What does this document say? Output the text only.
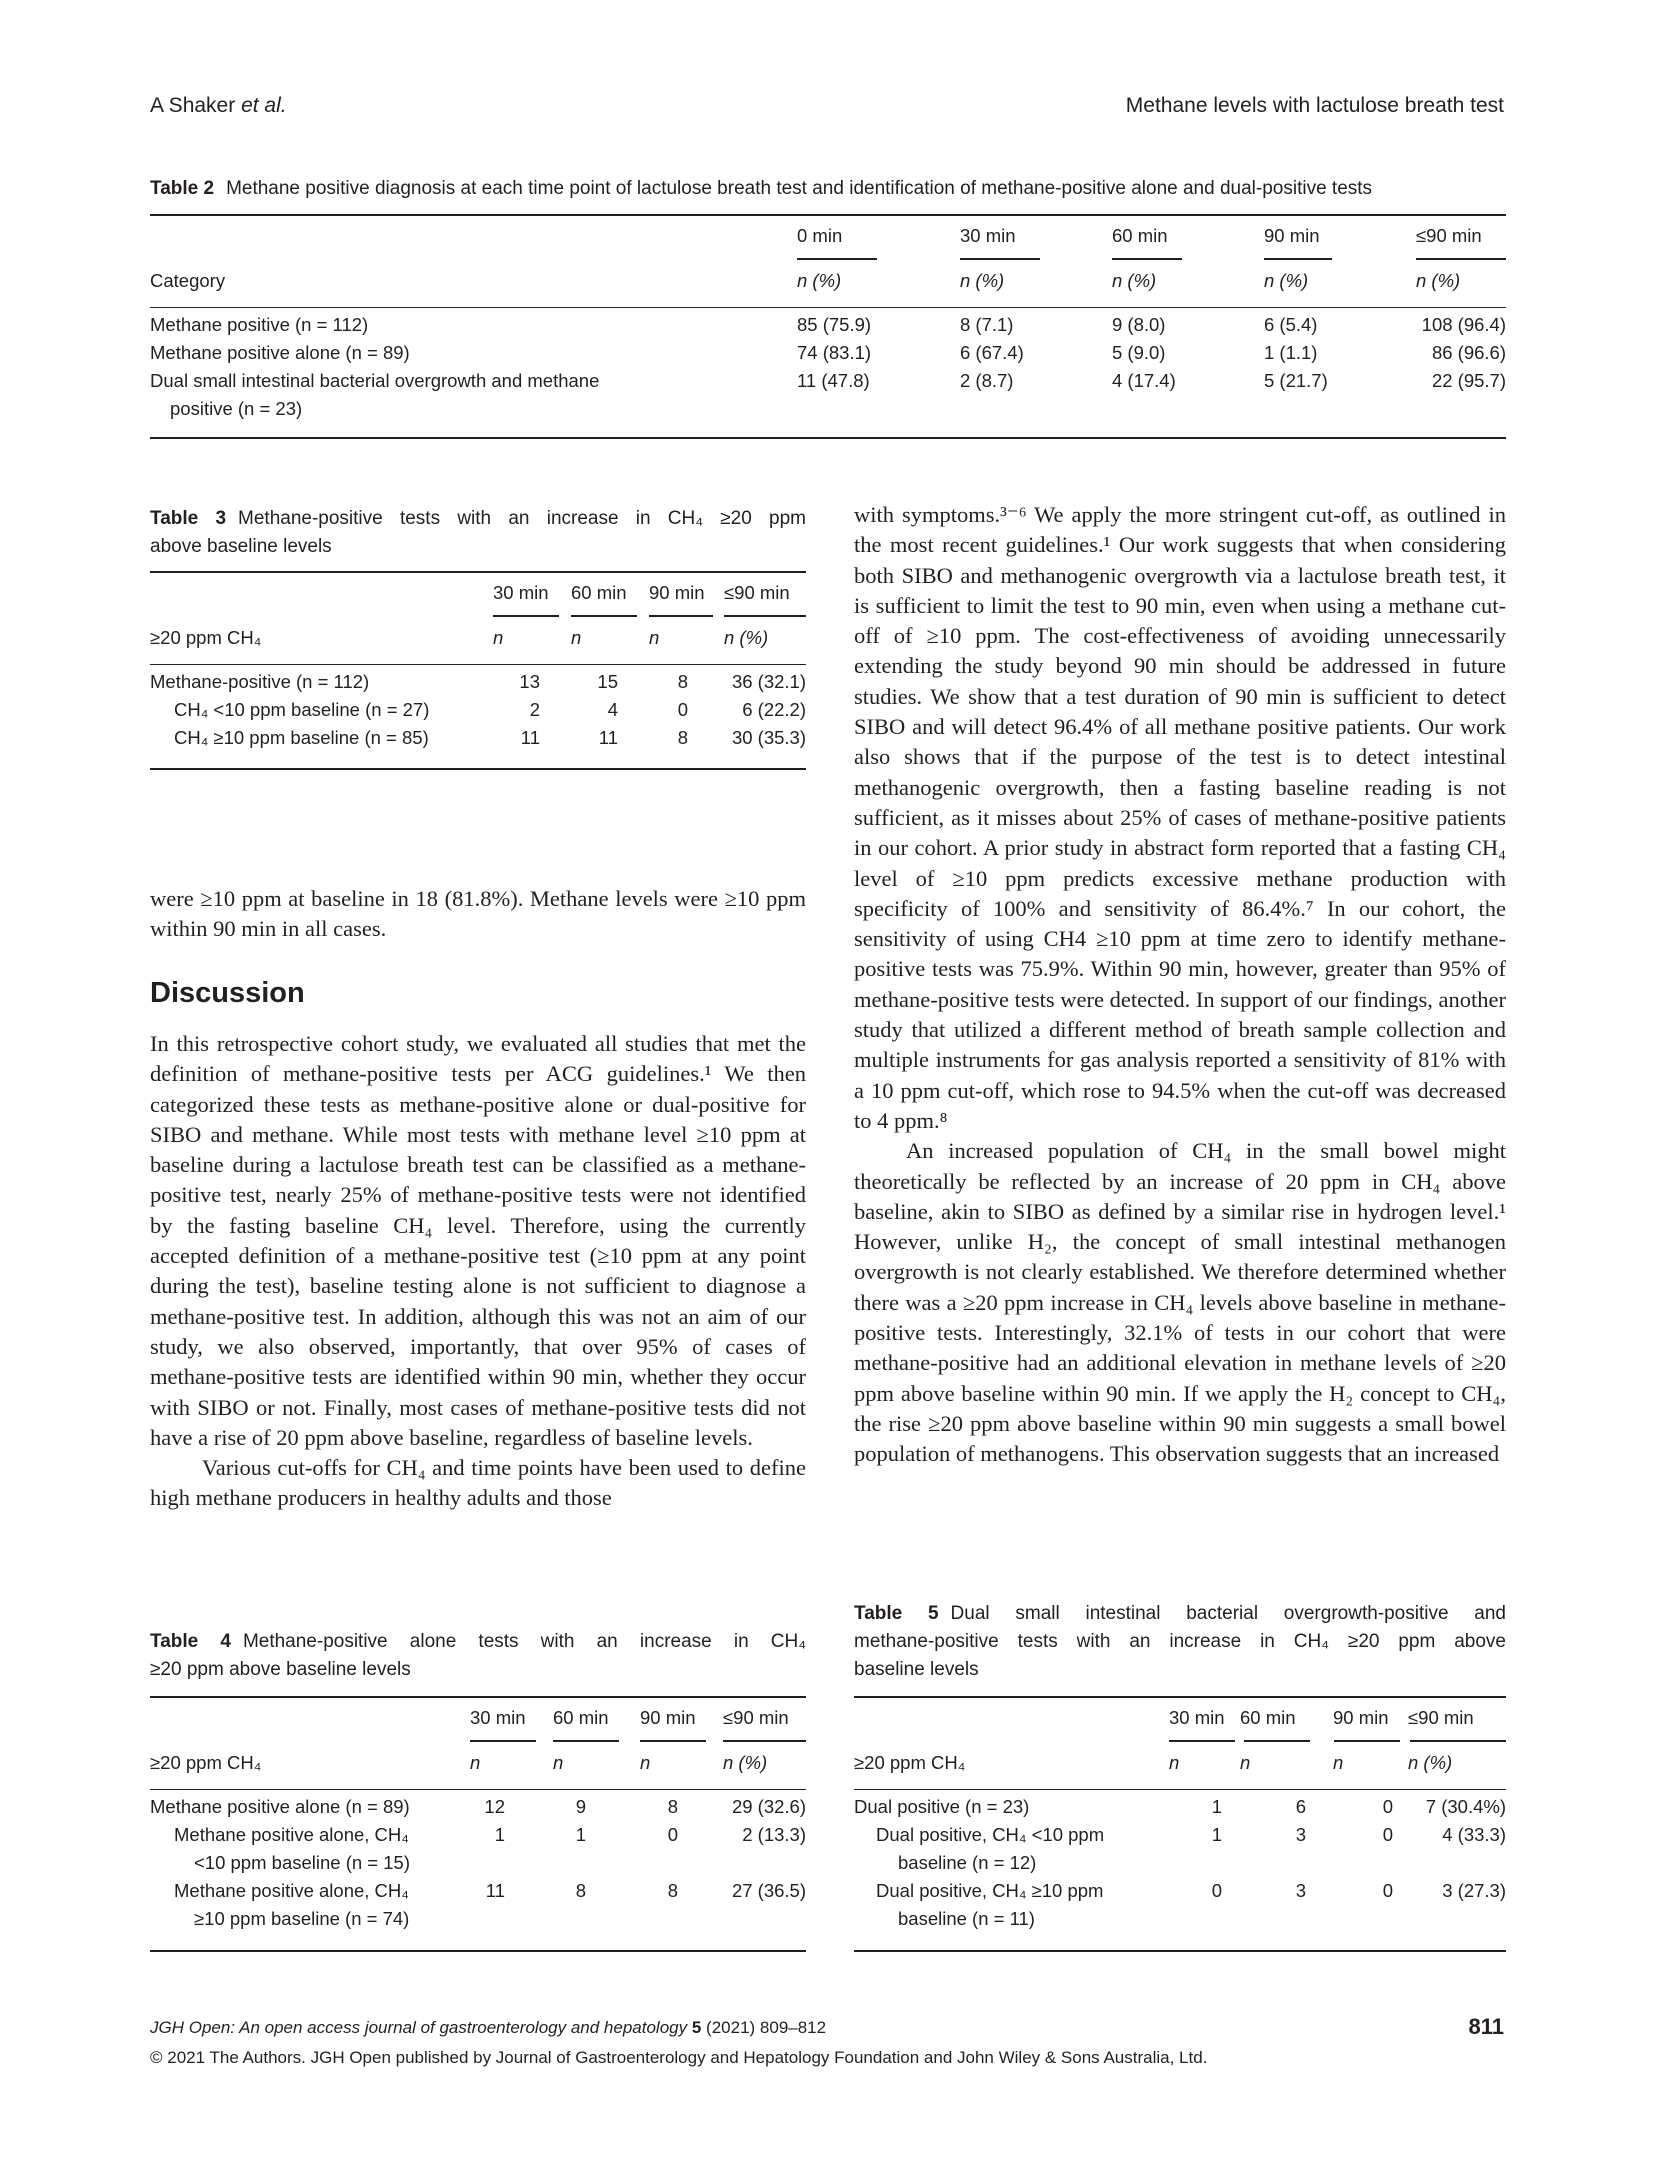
A Shaker et al.	Methane levels with lactulose breath test
Table 2 Methane positive diagnosis at each time point of lactulose breath test and identification of methane-positive alone and dual-positive tests
	0 min	30 min	60 min	90 min	≤90 min
Category	n (%)	n (%)	n (%)	n (%)	n (%)
Methane positive (n = 112)	85 (75.9)	8 (7.1)	9 (8.0)	6 (5.4)	108 (96.4)
Methane positive alone (n = 89)	74 (83.1)	6 (67.4)	5 (9.0)	1 (1.1)	86 (96.6)

Dual small intestinal bacterial overgrowth and methane
positive (n = 23)	11 (47.8)	2 (8.7)	4 (17.4)	5 (21.7)	22 (95.7)
Table 3 Methane-positive tests with an increase in CH₄ ≥20 ppm
above baseline levels
	30 min	60 min	90 min	≤90 min
≥20 ppm CH₄	n	n	n	n (%)
Methane-positive (n = 112)	13	15	8	36 (32.1)
CH₄ <10 ppm baseline (n = 27)	2	4	0	6 (22.2)
CH₄ ≥10 ppm baseline (n = 85)	11	11	8	30 (35.3)

were ≥10 ppm at baseline in 18 (81.8%). Methane levels were ≥10 ppm within 90 min in all cases.

Discussion

In this retrospective cohort study, we evaluated all studies that met the definition of methane-positive tests per ACG guidelines.¹ We then categorized these tests as methane-positive alone or dual-positive for SIBO and methane. While most tests with methane level ≥10 ppm at baseline during a lactulose breath test can be classified as a methane-positive test, nearly 25% of methane-positive tests were not identified by the fasting baseline CH₄ level. Therefore, using the currently accepted definition of a methane-positive test (≥10 ppm at any point during the test), baseline testing alone is not sufficient to diagnose a methane-positive test. In addition, although this was not an aim of our study, we also observed, importantly, that over 95% of cases of methane-positive tests are identified within 90 min, whether they occur with SIBO or not. Finally, most cases of methane-positive tests did not have a rise of 20 ppm above baseline, regardless of baseline levels.

Various cut-offs for CH₄ and time points have been used to define high methane producers in healthy adults and those

with symptoms.³⁻⁶ We apply the more stringent cut-off, as outlined in the most recent guidelines.¹ Our work suggests that when considering both SIBO and methanogenic overgrowth via a lactulose breath test, it is sufficient to limit the test to 90 min, even when using a methane cut-off of ≥10 ppm. The cost-effectiveness of avoiding unnecessarily extending the study beyond 90 min should be addressed in future studies. We show that a test duration of 90 min is sufficient to detect SIBO and will detect 96.4% of all methane positive patients. Our work also shows that if the purpose of the test is to detect intestinal methanogenic overgrowth, then a fasting baseline reading is not sufficient, as it misses about 25% of cases of methane-positive patients in our cohort. A prior study in abstract form reported that a fasting CH₄ level of ≥10 ppm predicts excessive methane production with specificity of 100% and sensitivity of 86.4%.⁷ In our cohort, the sensitivity of using CH4 ≥10 ppm at time zero to identify methane-positive tests was 75.9%. Within 90 min, however, greater than 95% of methane-positive tests were detected. In support of our findings, another study that utilized a different method of breath sample collection and multiple instruments for gas analysis reported a sensitivity of 81% with a 10 ppm cut-off, which rose to 94.5% when the cut-off was decreased to 4 ppm.⁸

An increased population of CH₄ in the small bowel might theoretically be reflected by an increase of 20 ppm in CH₄ above baseline, akin to SIBO as defined by a similar rise in hydrogen level.¹ However, unlike H₂, the concept of small intestinal methanogen overgrowth is not clearly established. We therefore determined whether there was a ≥20 ppm increase in CH₄ levels above baseline in methane-positive tests. Interestingly, 32.1% of tests in our cohort that were methane-positive had an additional elevation in methane levels of ≥20 ppm above baseline within 90 min. If we apply the H₂ concept to CH₄, the rise ≥20 ppm above baseline within 90 min suggests a small bowel population of methanogens. This observation suggests that an increased

Table 4 Methane-positive alone tests with an increase in CH₄
≥20 ppm above baseline levels
	30 min	60 min	90 min	≤90 min
≥20 ppm CH₄	n	n	n	n (%)
Methane positive alone (n = 89)	12	9	8	29 (32.6)

Methane positive alone, CH₄
<10 ppm baseline (n = 15)	1	1	0	2 (13.3)

Methane positive alone, CH₄
≥10 ppm baseline (n = 74)	11	8	8	27 (36.5)
Table 5 Dual small intestinal bacterial overgrowth-positive and
methane-positive tests with an increase in CH₄ ≥20 ppm above
baseline levels
	30 min	60 min	90 min	≤90 min
≥20 ppm CH₄	n	n	n	n (%)
Dual positive (n = 23)	1	6	0	7 (30.4%)

Dual positive, CH₄ <10 ppm
baseline (n = 12)	1	3	0	4 (33.3)

Dual positive, CH₄ ≥10 ppm
baseline (n = 11)	0	3	0	3 (27.3)
JGH Open: An open access journal of gastroenterology and hepatology 5 (2021) 809–812	811
© 2021 The Authors. JGH Open published by Journal of Gastroenterology and Hepatology Foundation and John Wiley & Sons Australia, Ltd.
